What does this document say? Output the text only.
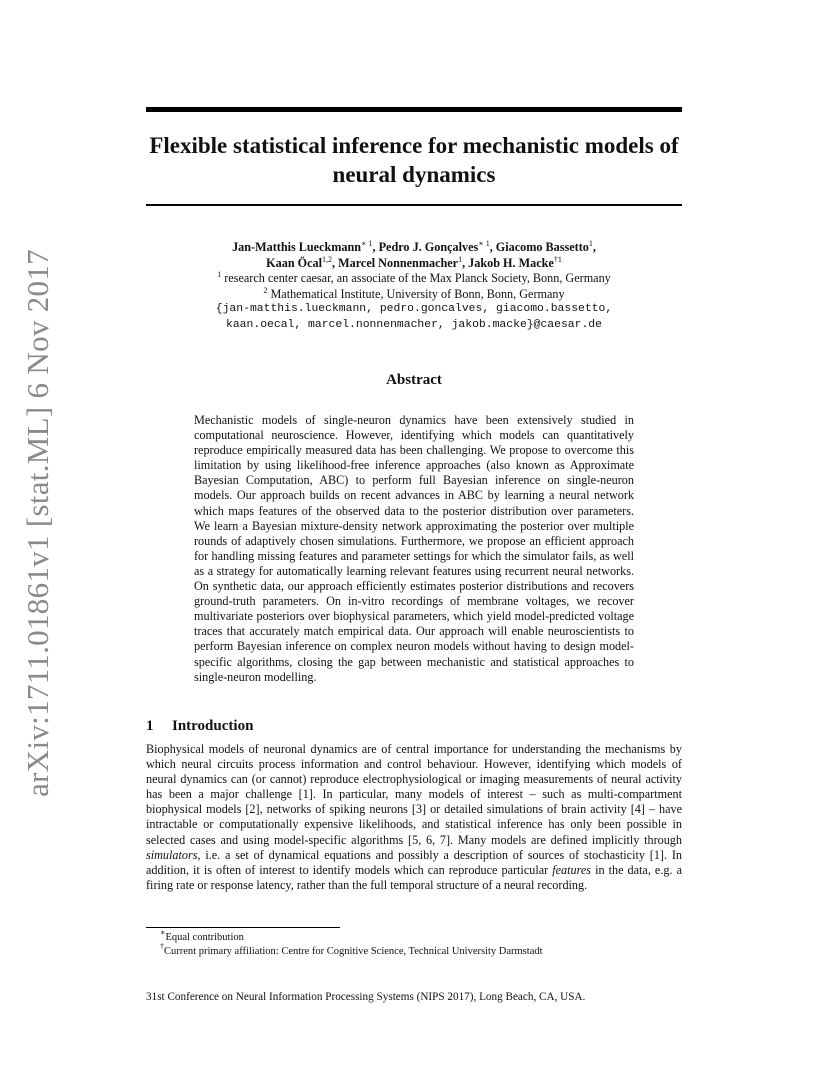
arXiv:1711.01861v1 [stat.ML] 6 Nov 2017
Flexible statistical inference for mechanistic models of neural dynamics
Jan-Matthis Lueckmann$^{∗ 1}$, Pedro J. Gonçalves$^{∗ 1}$, Giacomo Bassetto$^1$,
Kaan Öcal$^{1,2}$, Marcel Nonnenmacher$^1$, Jakob H. Macke$^{\dagger 1}$
$^1$ research center caesar, an associate of the Max Planck Society, Bonn, Germany
$^2$ Mathematical Institute, University of Bonn, Bonn, Germany
{jan-matthis.lueckmann, pedro.goncalves, giacomo.bassetto,
kaan.oecal, marcel.nonnenmacher, jakob.macke}@caesar.de
Abstract
Mechanistic models of single-neuron dynamics have been extensively studied in computational neuroscience. However, identifying which models can quantitatively reproduce empirically measured data has been challenging. We propose to overcome this limitation by using likelihood-free inference approaches (also known as Approximate Bayesian Computation, ABC) to perform full Bayesian inference on single-neuron models. Our approach builds on recent advances in ABC by learning a neural network which maps features of the observed data to the posterior distribution over parameters. We learn a Bayesian mixture-density network approximating the posterior over multiple rounds of adaptively chosen simulations. Furthermore, we propose an efficient approach for handling missing features and parameter settings for which the simulator fails, as well as a strategy for automatically learning relevant features using recurrent neural networks. On synthetic data, our approach efficiently estimates posterior distributions and recovers ground-truth parameters. On in-vitro recordings of membrane voltages, we recover multivariate posteriors over biophysical parameters, which yield model-predicted voltage traces that accurately match empirical data. Our approach will enable neuroscientists to perform Bayesian inference on complex neuron models without having to design model-specific algorithms, closing the gap between mechanistic and statistical approaches to single-neuron modelling.
1 Introduction
Biophysical models of neuronal dynamics are of central importance for understanding the mechanisms by which neural circuits process information and control behaviour. However, identifying which models of neural dynamics can (or cannot) reproduce electrophysiological or imaging measurements of neural activity has been a major challenge [1]. In particular, many models of interest – such as multi-compartment biophysical models [2], networks of spiking neurons [3] or detailed simulations of brain activity [4] – have intractable or computationally expensive likelihoods, and statistical inference has only been possible in selected cases and using model-specific algorithms [5, 6, 7]. Many models are defined implicitly through simulators, i.e. a set of dynamical equations and possibly a description of sources of stochasticity [1]. In addition, it is often of interest to identify models which can reproduce particular features in the data, e.g. a firing rate or response latency, rather than the full temporal structure of a neural recording.
∗Equal contribution
†Current primary affiliation: Centre for Cognitive Science, Technical University Darmstadt
31st Conference on Neural Information Processing Systems (NIPS 2017), Long Beach, CA, USA.
